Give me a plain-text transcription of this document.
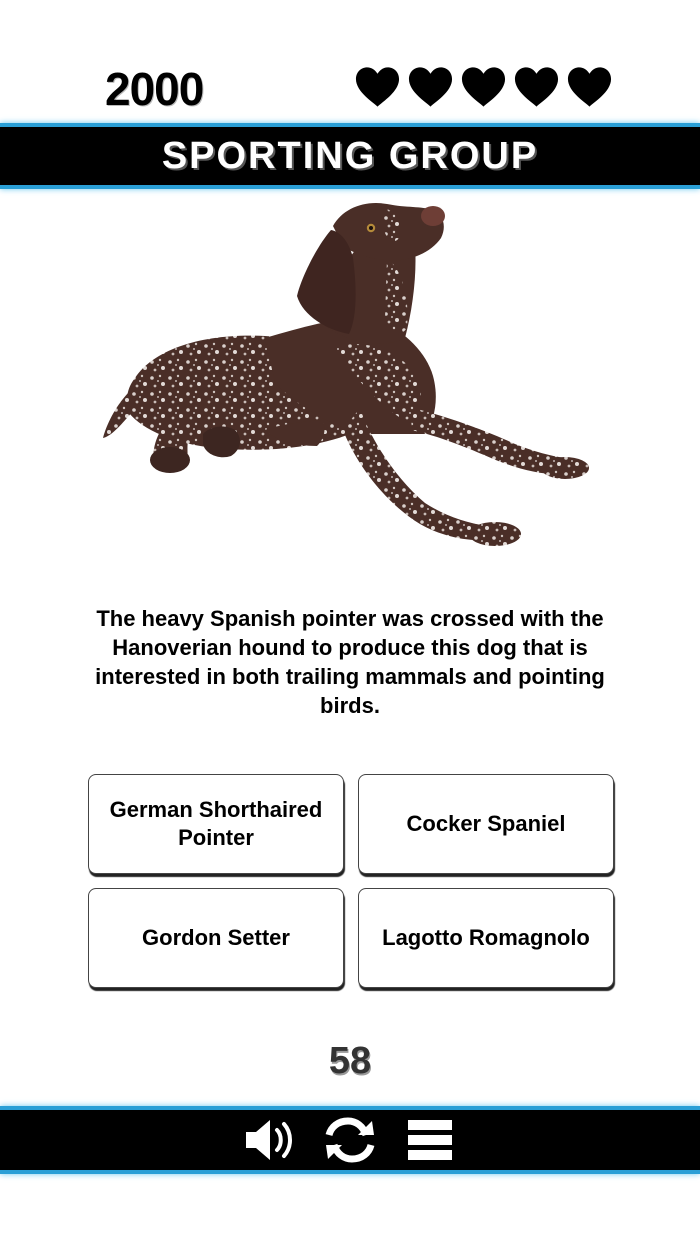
2000
SPORTING GROUP
The heavy Spanish pointer was crossed with the Hanoverian hound to produce this dog that is interested in both trailing mammals and pointing birds.
German Shorthaired Pointer
Cocker Spaniel
Gordon Setter	Lagotto Romagnolo
58
